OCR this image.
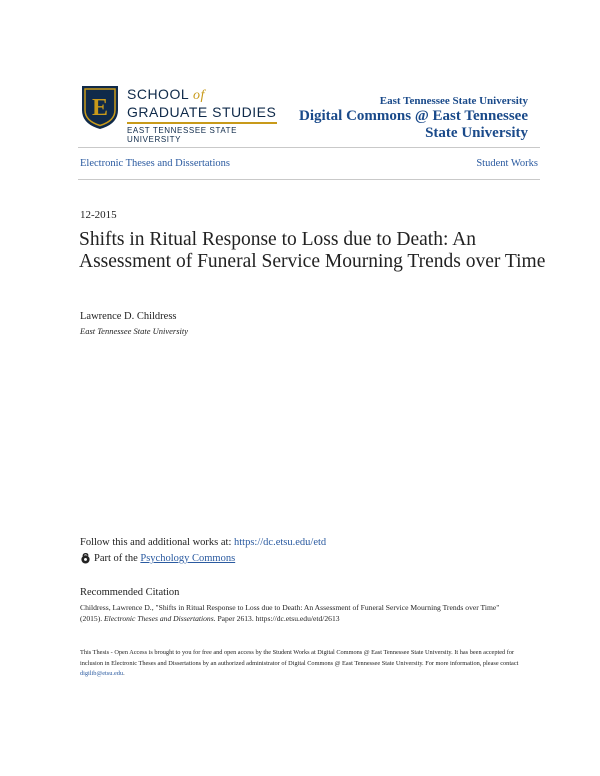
E
SCHOOL of
GRADUATE STUDIES
EAST TENNESSEE STATE UNIVERSITY
East Tennessee State University
Digital Commons @ East Tennessee State University
Electronic Theses and Dissertations	Student Works
12-2015
Shifts in Ritual Response to Loss due to Death: An Assessment of Funeral Service Mourning Trends over Time
Lawrence D. Childress
East Tennessee State University
Follow this and additional works at: https://dc.etsu.edu/etd
Part of the
Psychology Commons
Recommended Citation
Childress, Lawrence D., "Shifts in Ritual Response to Loss due to Death: An Assessment of Funeral Service Mourning Trends over Time" (2015). Electronic Theses and Dissertations. Paper 2613. https://dc.etsu.edu/etd/2613
This Thesis - Open Access is brought to you for free and open access by the Student Works at Digital Commons @ East Tennessee State University. It has been accepted for inclusion in Electronic Theses and Dissertations by an authorized administrator of Digital Commons @ East Tennessee State University. For more information, please contact digilib@etsu.edu.
